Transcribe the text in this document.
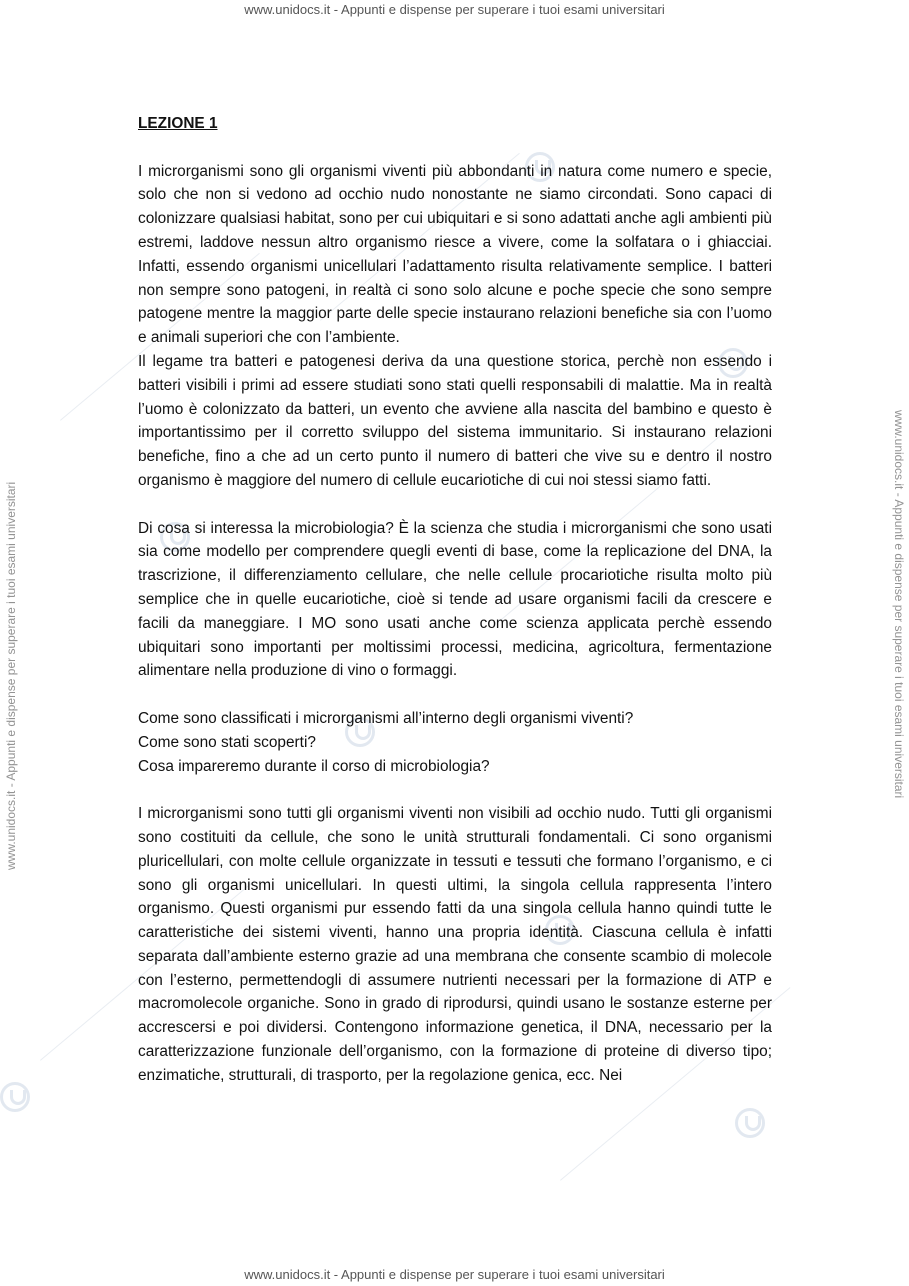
www.unidocs.it - Appunti e dispense per superare i tuoi esami universitari
www.unidocs.it - Appunti e dispense per superare i tuoi esami universitari
www.unidocs.it - Appunti e dispense per superare i tuoi esami universitari	www.unidocs.it - Appunti e dispense per superare i tuoi esami universitari

LEZIONE 1

I microrganismi sono gli organismi viventi più abbondanti in natura come numero e specie, solo che non si vedono ad occhio nudo nonostante ne siamo circondati. Sono capaci di colonizzare qualsiasi habitat, sono per cui ubiquitari e si sono adattati anche agli ambienti più estremi, laddove nessun altro organismo riesce a vivere, come la solfatara o i ghiacciai. Infatti, essendo organismi unicellulari l’adattamento risulta relativamente semplice. I batteri non sempre sono patogeni, in realtà ci sono solo alcune e poche specie che sono sempre patogene mentre la maggior parte delle specie instaurano relazioni benefiche sia con l’uomo e animali superiori che con l’ambiente.

Il legame tra batteri e patogenesi deriva da una questione storica, perchè non essendo i batteri visibili i primi ad essere studiati sono stati quelli responsabili di malattie. Ma in realtà l’uomo è colonizzato da batteri, un evento che avviene alla nascita del bambino e questo è importantissimo per il corretto sviluppo del sistema immunitario. Si instaurano relazioni benefiche, fino a che ad un certo punto il numero di batteri che vive su e dentro il nostro organismo è maggiore del numero di cellule eucariotiche di cui noi stessi siamo fatti.

Di cosa si interessa la microbiologia? È la scienza che studia i microrganismi che sono usati sia come modello per comprendere quegli eventi di base, come la replicazione del DNA, la trascrizione, il differenziamento cellulare, che nelle cellule procariotiche risulta molto più semplice che in quelle eucariotiche, cioè si tende ad usare organismi facili da crescere e facili da maneggiare. I MO sono usati anche come scienza applicata perchè essendo ubiquitari sono importanti per moltissimi processi, medicina, agricoltura, fermentazione alimentare nella produzione di vino o formaggi.

Come sono classificati i microrganismi all’interno degli organismi viventi?

Come sono stati scoperti?

Cosa impareremo durante il corso di microbiologia?

I microrganismi sono tutti gli organismi viventi non visibili ad occhio nudo. Tutti gli organismi sono costituiti da cellule, che sono le unità strutturali fondamentali. Ci sono organismi pluricellulari, con molte cellule organizzate in tessuti e tessuti che formano l’organismo, e ci sono gli organismi unicellulari. In questi ultimi, la singola cellula rappresenta l’intero organismo. Questi organismi pur essendo fatti da una singola cellula hanno quindi tutte le caratteristiche dei sistemi viventi, hanno una propria identità. Ciascuna cellula è infatti separata dall’ambiente esterno grazie ad una membrana che consente scambio di molecole con l’esterno, permettendogli di assumere nutrienti necessari per la formazione di ATP e macromolecole organiche. Sono in grado di riprodursi, quindi usano le sostanze esterne per accrescersi e poi dividersi. Contengono informazione genetica, il DNA, necessario per la caratterizzazione funzionale dell’organismo, con la formazione di proteine di diverso tipo; enzimatiche, strutturali, di trasporto, per la regolazione genica, ecc. Nei
